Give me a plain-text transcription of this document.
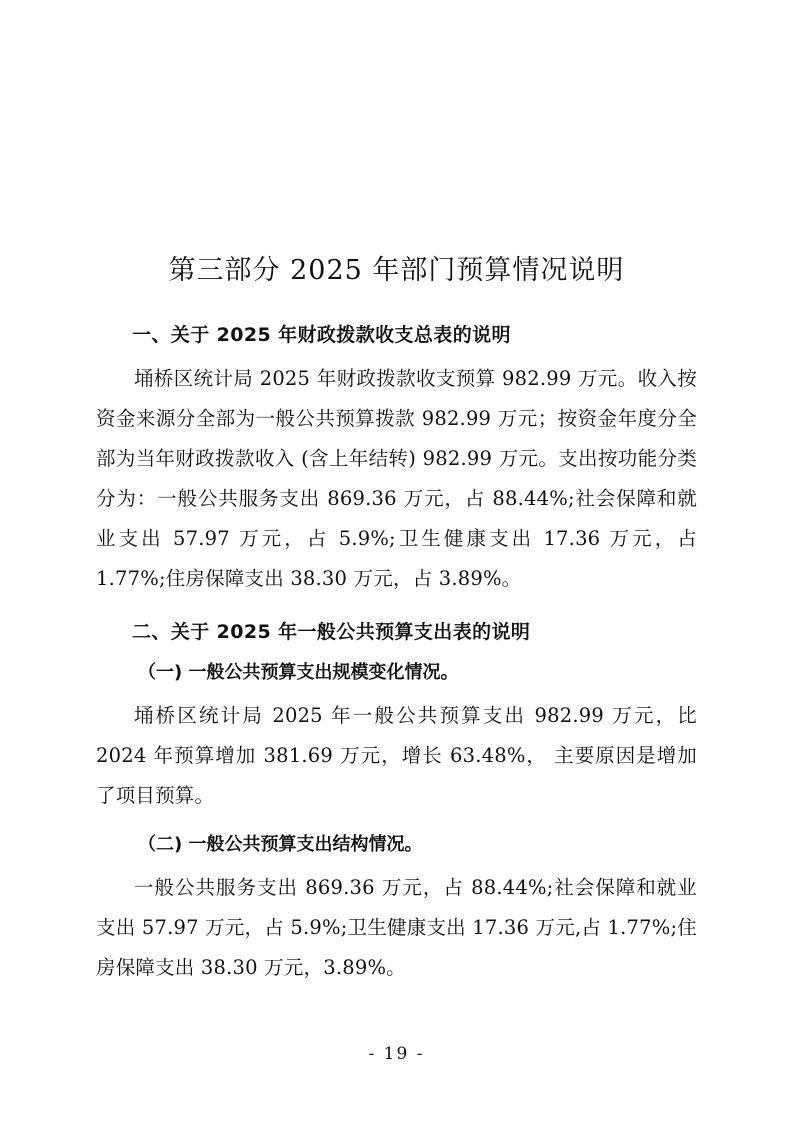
第三部分 2025 年部门预算情况说明
一、关于 2025 年财政拨款收支总表的说明

埇桥区统计局 2025 年财政拨款收支预算 982.99 万元。收入按资金来源分全部为一般公共预算拨款 982.99 万元；按资金年度分全部为当年财政拨款收入 (含上年结转) 982.99 万元。支出按功能分类分为：一般公共服务支出 869.36 万元，占 88.44%;社会保障和就业支出 57.97 万元，占 5.9%;卫生健康支出 17.36 万元，占 1.77%;住房保障支出 38.30 万元，占 3.89%。

二、关于 2025 年一般公共预算支出表的说明
（一) 一般公共预算支出规模变化情况。

埇桥区统计局 2025 年一般公共预算支出 982.99 万元，比 2024 年预算增加 381.69 万元，增长 63.48%， 主要原因是增加了项目预算。

（二) 一般公共预算支出结构情况。

一般公共服务支出 869.36 万元，占 88.44%;社会保障和就业支出 57.97 万元，占 5.9%;卫生健康支出 17.36 万元,占 1.77%;住房保障支出 38.30 万元，3.89%。

- 19 -
